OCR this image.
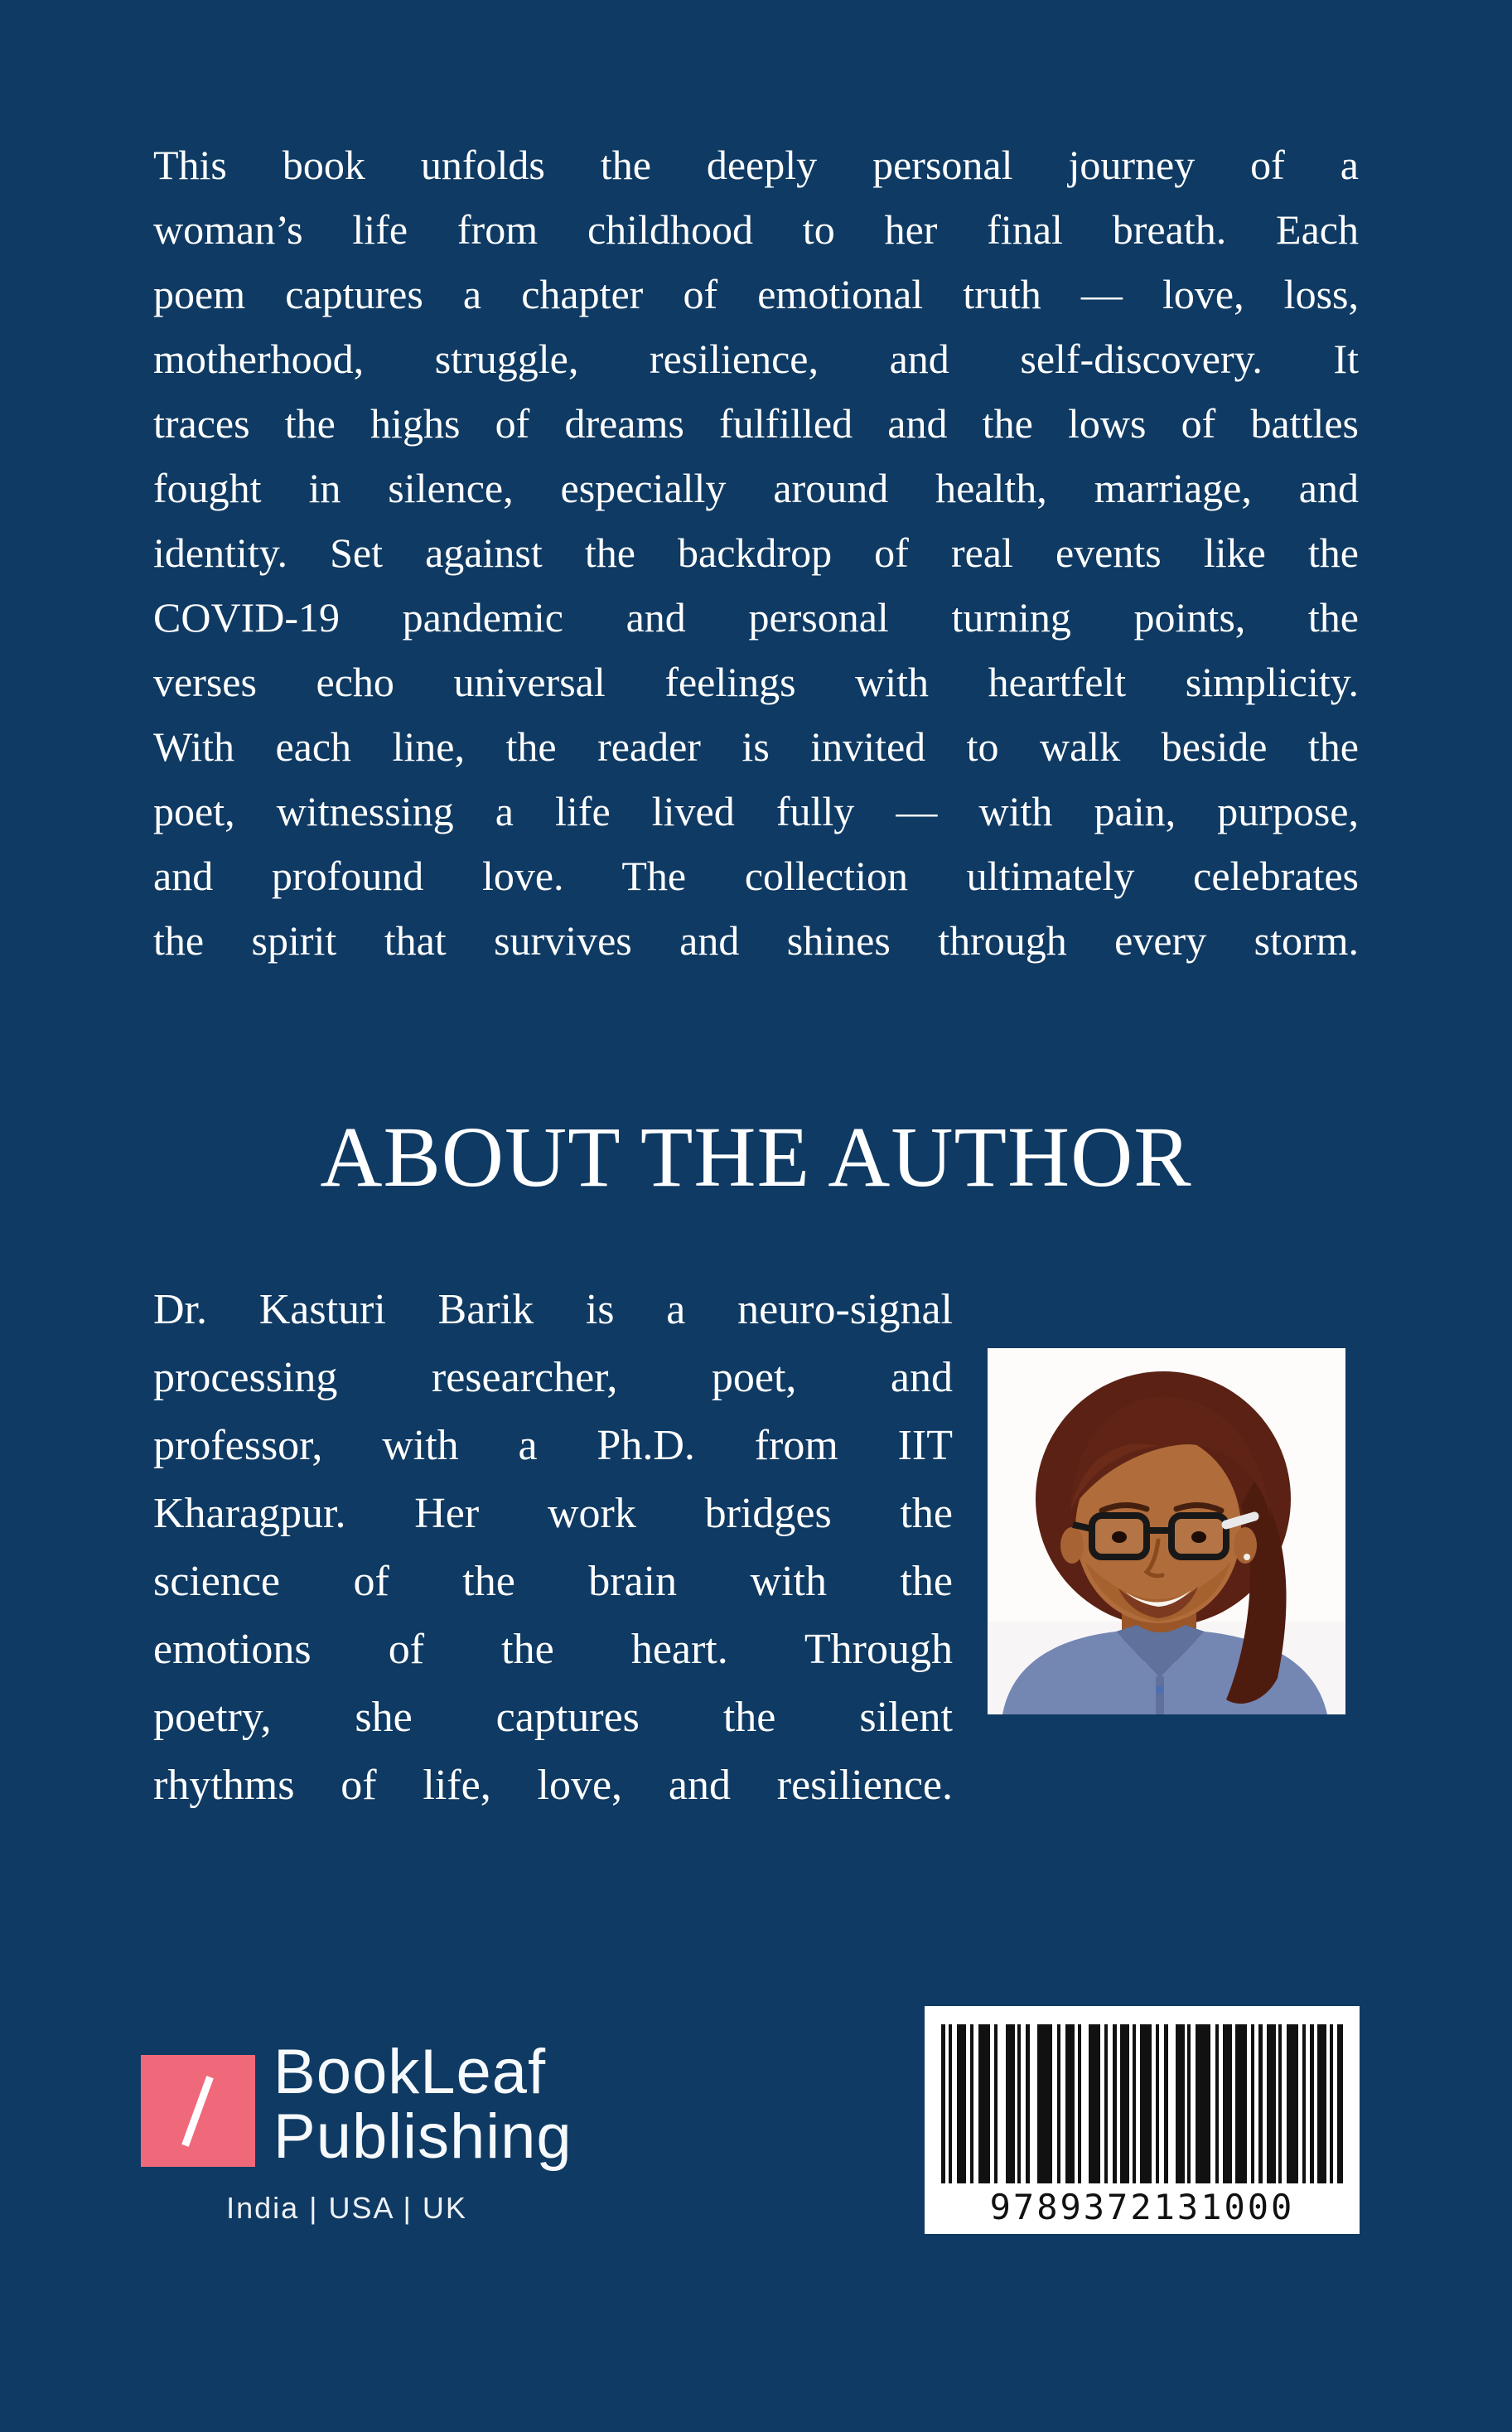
This book unfolds the deeply personal journey of a
woman’s life from childhood to her final breath. Each
poem captures a chapter of emotional truth — love, loss,
motherhood, struggle, resilience, and self-discovery. It
traces the highs of dreams fulfilled and the lows of battles
fought in silence, especially around health, marriage, and
identity. Set against the backdrop of real events like the
COVID-19 pandemic and personal turning points, the
verses echo universal feelings with heartfelt simplicity.
With each line, the reader is invited to walk beside the
poet, witnessing a life lived fully — with pain, purpose,
and profound love. The collection ultimately celebrates
the spirit that survives and shines through every storm.
ABOUT THE AUTHOR
Dr. Kasturi Barik is a neuro-signal
processing researcher, poet, and
professor, with a Ph.D. from IIT
Kharagpur. Her work bridges the
science of the brain with the
emotions of the heart. Through
poetry, she captures the silent
rhythms of life, love, and resilience.
BookLeaf
Publishing
India | USA | UK	9789372131000
